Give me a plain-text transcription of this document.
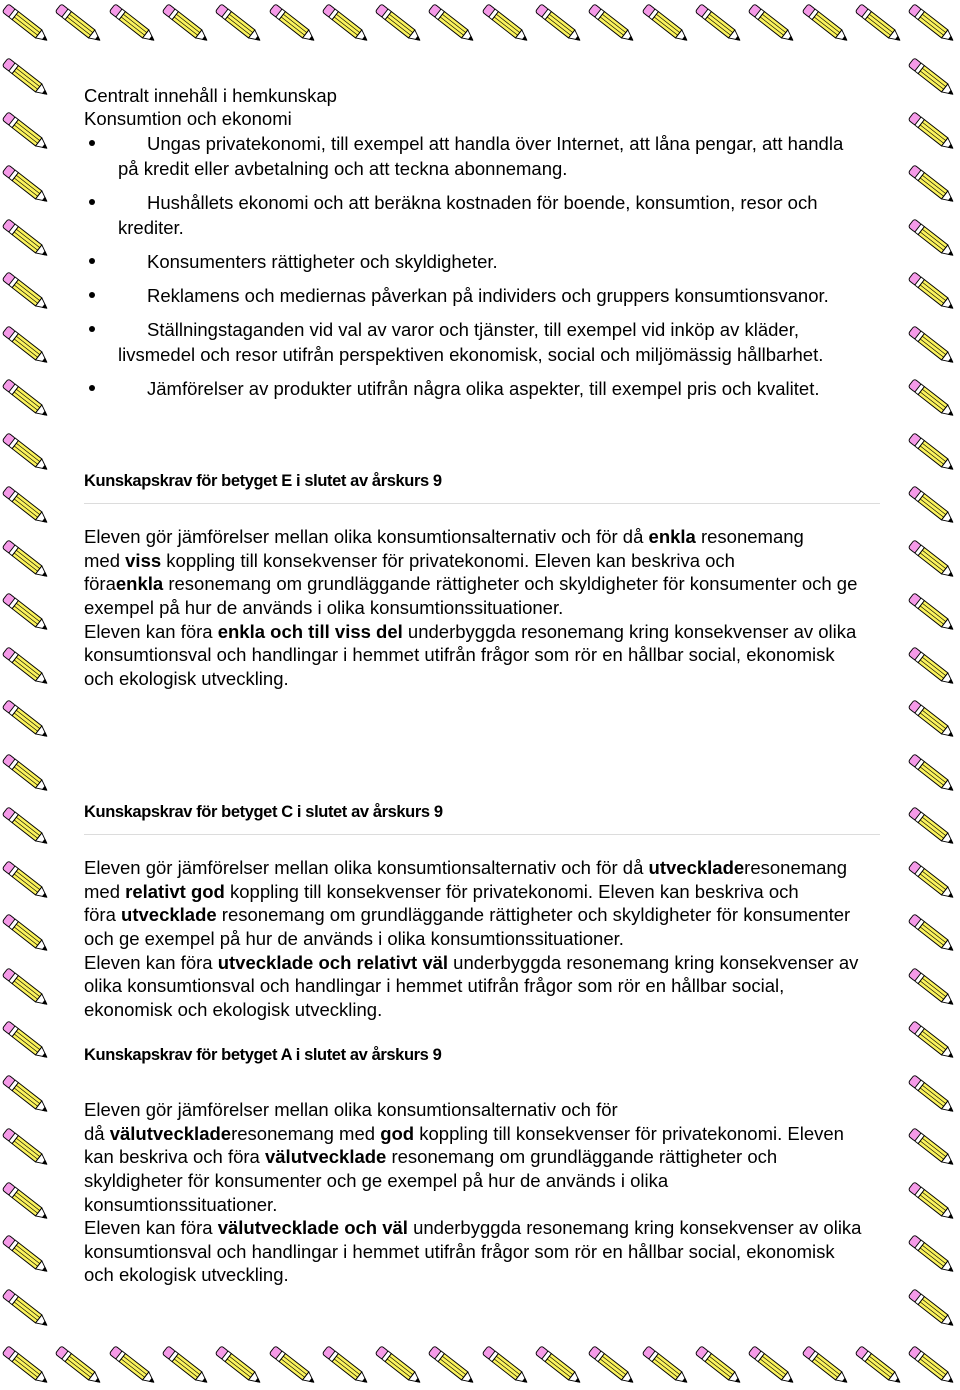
Centralt innehåll i hemkunskap
Konsumtion och ekonomi
Ungas privatekonomi, till exempel att handla över Internet, att låna pengar, att handla
på kredit eller avbetalning och att teckna abonnemang.
Hushållets ekonomi och att beräkna kostnaden för boende, konsumtion, resor och
krediter.
Konsumenters rättigheter och skyldigheter.
Reklamens och mediernas påverkan på individers och gruppers konsumtionsvanor.
Ställningstaganden vid val av varor och tjänster, till exempel vid inköp av kläder,
livsmedel och resor utifrån perspektiven ekonomisk, social och miljömässig hållbarhet.
Jämförelser av produkter utifrån några olika aspekter, till exempel pris och kvalitet.
Kunskapskrav för betyget E i slutet av årskurs 9
Eleven gör jämförelser mellan olika konsumtionsalternativ och för då enkla resonemang
med viss koppling till konsekvenser för privatekonomi. Eleven kan beskriva och
föraenkla resonemang om grundläggande rättigheter och skyldigheter för konsumenter och ge
exempel på hur de används i olika konsumtionssituationer.
Eleven kan föra enkla och till viss del underbyggda resonemang kring konsekvenser av olika
konsumtionsval och handlingar i hemmet utifrån frågor som rör en hållbar social, ekonomisk
och ekologisk utveckling.
Kunskapskrav för betyget C i slutet av årskurs 9
Eleven gör jämförelser mellan olika konsumtionsalternativ och för då utveckladeresonemang
med relativt god koppling till konsekvenser för privatekonomi. Eleven kan beskriva och
föra utvecklade resonemang om grundläggande rättigheter och skyldigheter för konsumenter
och ge exempel på hur de används i olika konsumtionssituationer.
Eleven kan föra utvecklade och relativt väl underbyggda resonemang kring konsekvenser av
olika konsumtionsval och handlingar i hemmet utifrån frågor som rör en hållbar social,
ekonomisk och ekologisk utveckling.
Kunskapskrav för betyget A i slutet av årskurs 9
Eleven gör jämförelser mellan olika konsumtionsalternativ och för
då välutveckladeresonemang med god koppling till konsekvenser för privatekonomi. Eleven
kan beskriva och föra välutvecklade resonemang om grundläggande rättigheter och
skyldigheter för konsumenter och ge exempel på hur de används i olika
konsumtionssituationer.
Eleven kan föra välutvecklade och väl underbyggda resonemang kring konsekvenser av olika
konsumtionsval och handlingar i hemmet utifrån frågor som rör en hållbar social, ekonomisk
och ekologisk utveckling.
